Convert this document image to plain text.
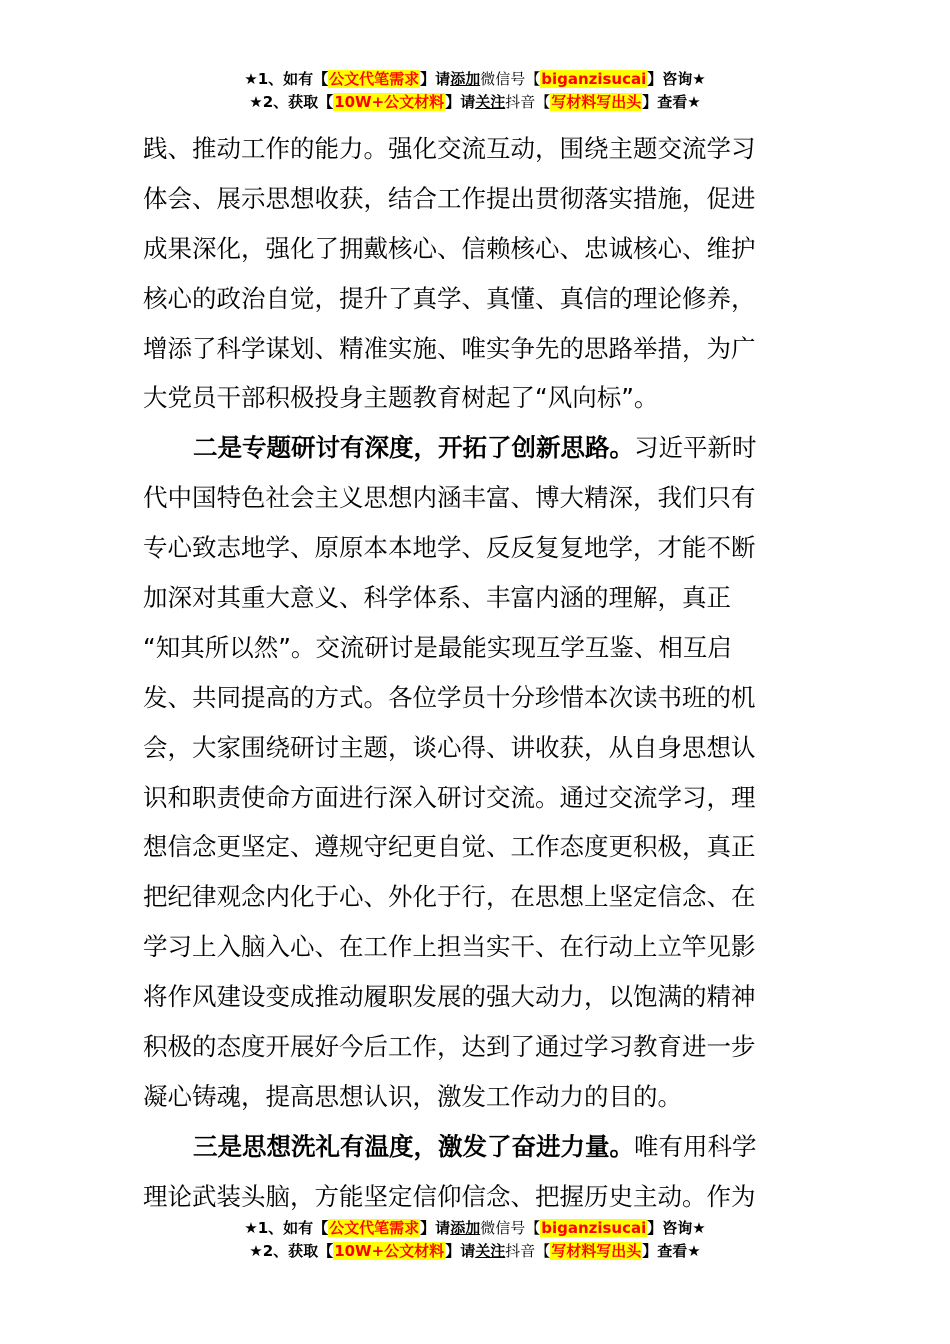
★1、如有【公文代笔需求】请添加微信号【biganzisucai】咨询★
★2、获取【10W+公文材料】请关注抖音【写材料写出头】查看★
践、推动工作的能力。强化交流互动，围绕主题交流学习
体会、展示思想收获，结合工作提出贯彻落实措施，促进
成果深化，强化了拥戴核心、信赖核心、忠诚核心、维护
核心的政治自觉，提升了真学、真懂、真信的理论修养，
增添了科学谋划、精准实施、唯实争先的思路举措，为广
大党员干部积极投身主题教育树起了“风向标”。
二是专题研讨有深度，开拓了创新思路。习近平新时
代中国特色社会主义思想内涵丰富、博大精深，我们只有
专心致志地学、原原本本地学、反反复复地学，才能不断
加深对其重大意义、科学体系、丰富内涵的理解，真正
“知其所以然”。交流研讨是最能实现互学互鉴、相互启
发、共同提高的方式。各位学员十分珍惜本次读书班的机
会，大家围绕研讨主题，谈心得、讲收获，从自身思想认
识和职责使命方面进行深入研讨交流。通过交流学习，理
想信念更坚定、遵规守纪更自觉、工作态度更积极，真正
把纪律观念内化于心、外化于行，在思想上坚定信念、在
学习上入脑入心、在工作上担当实干、在行动上立竿见影
将作风建设变成推动履职发展的强大动力，以饱满的精神
积极的态度开展好今后工作，达到了通过学习教育进一步
凝心铸魂，提高思想认识，激发工作动力的目的。
三是思想洗礼有温度，激发了奋进力量。唯有用科学
理论武装头脑，方能坚定信仰信念、把握历史主动。作为
★1、如有【公文代笔需求】请添加微信号【biganzisucai】咨询★
★2、获取【10W+公文材料】请关注抖音【写材料写出头】查看★
